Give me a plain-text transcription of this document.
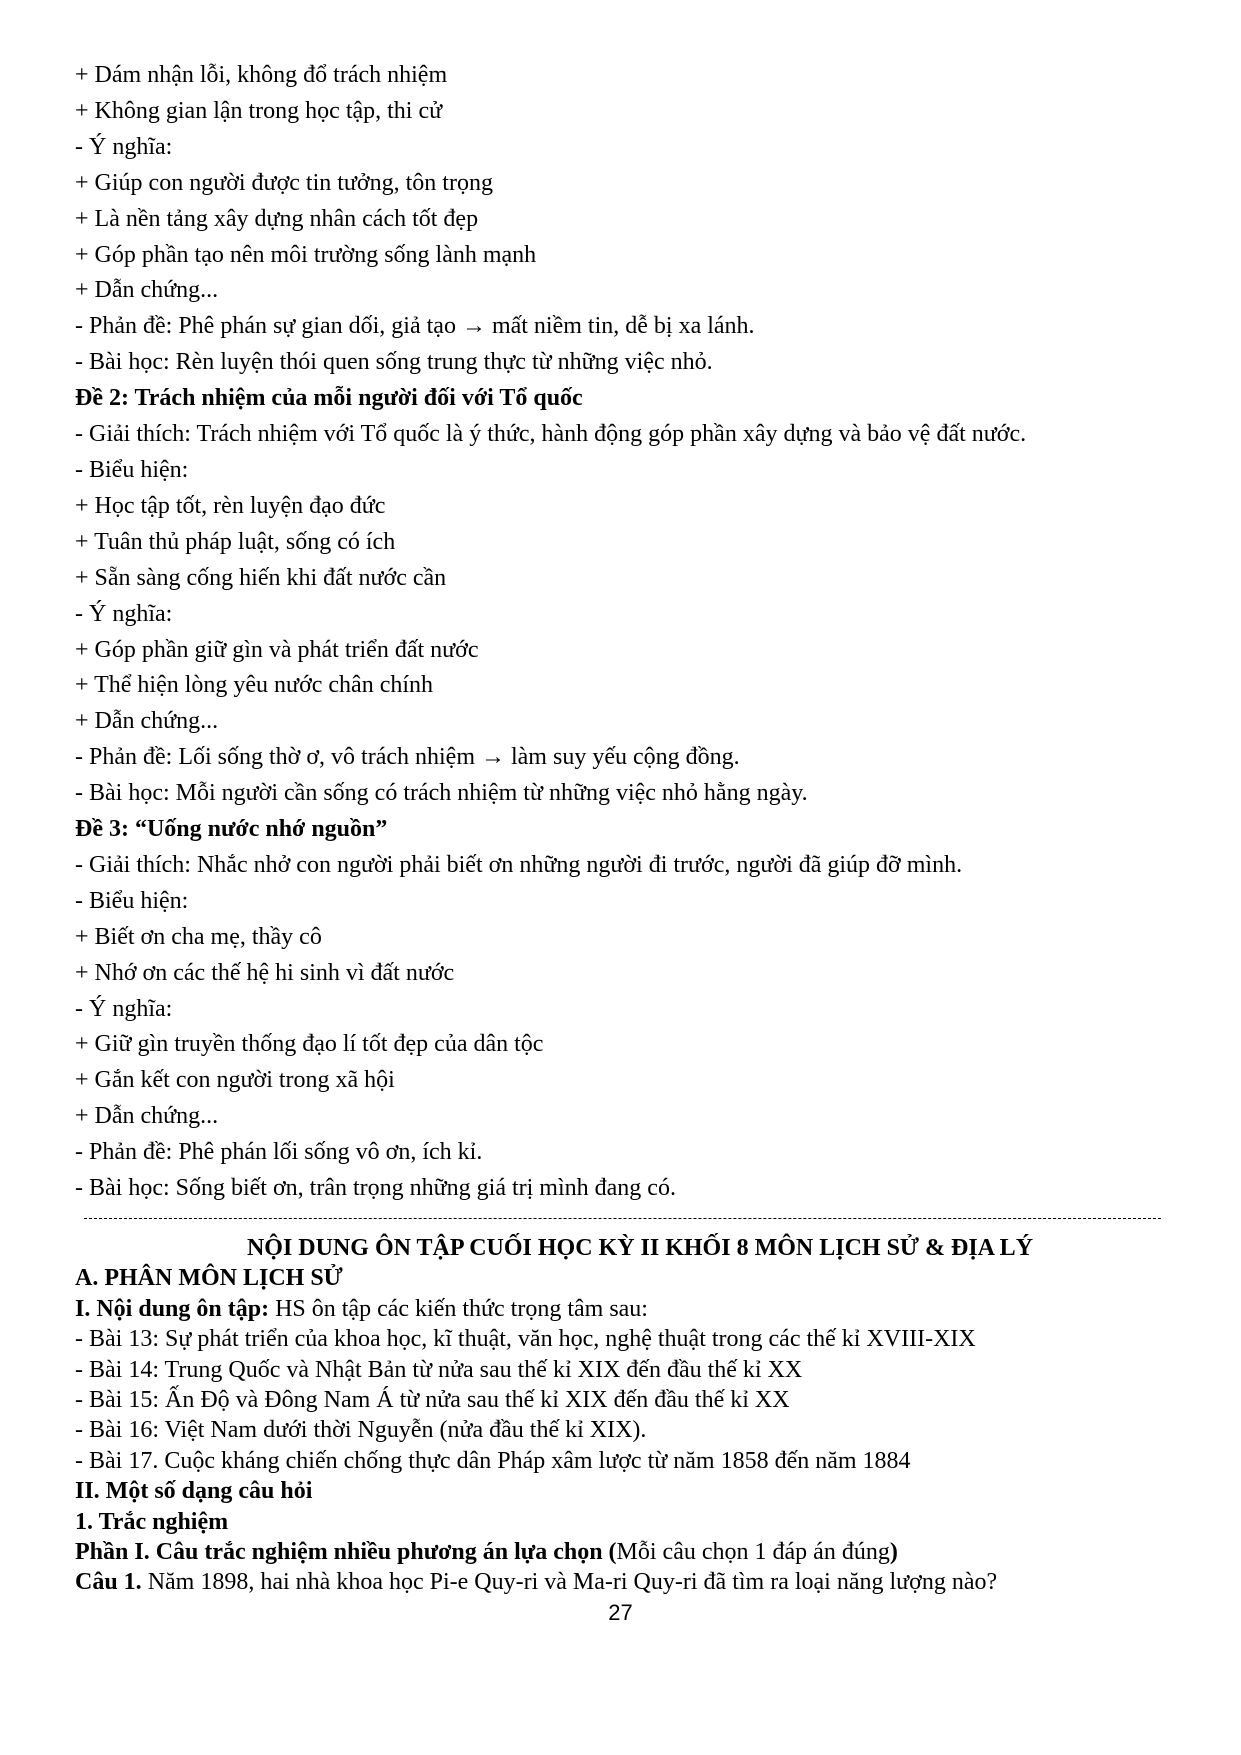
+ Dám nhận lỗi, không đổ trách nhiệm
+ Không gian lận trong học tập, thi cử
- Ý nghĩa:
+ Giúp con người được tin tưởng, tôn trọng
+ Là nền tảng xây dựng nhân cách tốt đẹp
+ Góp phần tạo nên môi trường sống lành mạnh
+ Dẫn chứng...
- Phản đề: Phê phán sự gian dối, giả tạo → mất niềm tin, dễ bị xa lánh.
- Bài học: Rèn luyện thói quen sống trung thực từ những việc nhỏ.
Đề 2: Trách nhiệm của mỗi người đối với Tổ quốc
- Giải thích: Trách nhiệm với Tổ quốc là ý thức, hành động góp phần xây dựng và bảo vệ đất nước.
- Biểu hiện:
+ Học tập tốt, rèn luyện đạo đức
+ Tuân thủ pháp luật, sống có ích
+ Sẵn sàng cống hiến khi đất nước cần
- Ý nghĩa:
+ Góp phần giữ gìn và phát triển đất nước
+ Thể hiện lòng yêu nước chân chính
+ Dẫn chứng...
- Phản đề: Lối sống thờ ơ, vô trách nhiệm → làm suy yếu cộng đồng.
- Bài học: Mỗi người cần sống có trách nhiệm từ những việc nhỏ hằng ngày.
Đề 3: “Uống nước nhớ nguồn”
- Giải thích: Nhắc nhở con người phải biết ơn những người đi trước, người đã giúp đỡ mình.
- Biểu hiện:
+ Biết ơn cha mẹ, thầy cô
+ Nhớ ơn các thế hệ hi sinh vì đất nước
- Ý nghĩa:
+ Giữ gìn truyền thống đạo lí tốt đẹp của dân tộc
+ Gắn kết con người trong xã hội
+ Dẫn chứng...
- Phản đề: Phê phán lối sống vô ơn, ích kỉ.
- Bài học: Sống biết ơn, trân trọng những giá trị mình đang có.
NỘI DUNG ÔN TẬP CUỐI HỌC KỲ II KHỐI 8 MÔN LỊCH SỬ & ĐỊA LÝ
A. PHÂN MÔN LỊCH SỬ
I. Nội dung ôn tập: HS ôn tập các kiến thức trọng tâm sau:
- Bài 13: Sự phát triển của khoa học, kĩ thuật, văn học, nghệ thuật trong các thế kỉ XVIII-XIX
- Bài 14: Trung Quốc và Nhật Bản từ nửa sau thế kỉ XIX đến đầu thế kỉ XX
- Bài 15: Ấn Độ và Đông Nam Á từ nửa sau thế kỉ XIX đến đầu thế kỉ XX
- Bài 16: Việt Nam dưới thời Nguyễn (nửa đầu thế kỉ XIX).
- Bài 17. Cuộc kháng chiến chống thực dân Pháp xâm lược từ năm 1858 đến năm 1884
II. Một số dạng câu hỏi
1. Trắc nghiệm
Phần I. Câu trắc nghiệm nhiều phương án lựa chọn (Mỗi câu chọn 1 đáp án đúng)
Câu 1. Năm 1898, hai nhà khoa học Pi-e Quy-ri và Ma-ri Quy-ri đã tìm ra loại năng lượng nào?
27
